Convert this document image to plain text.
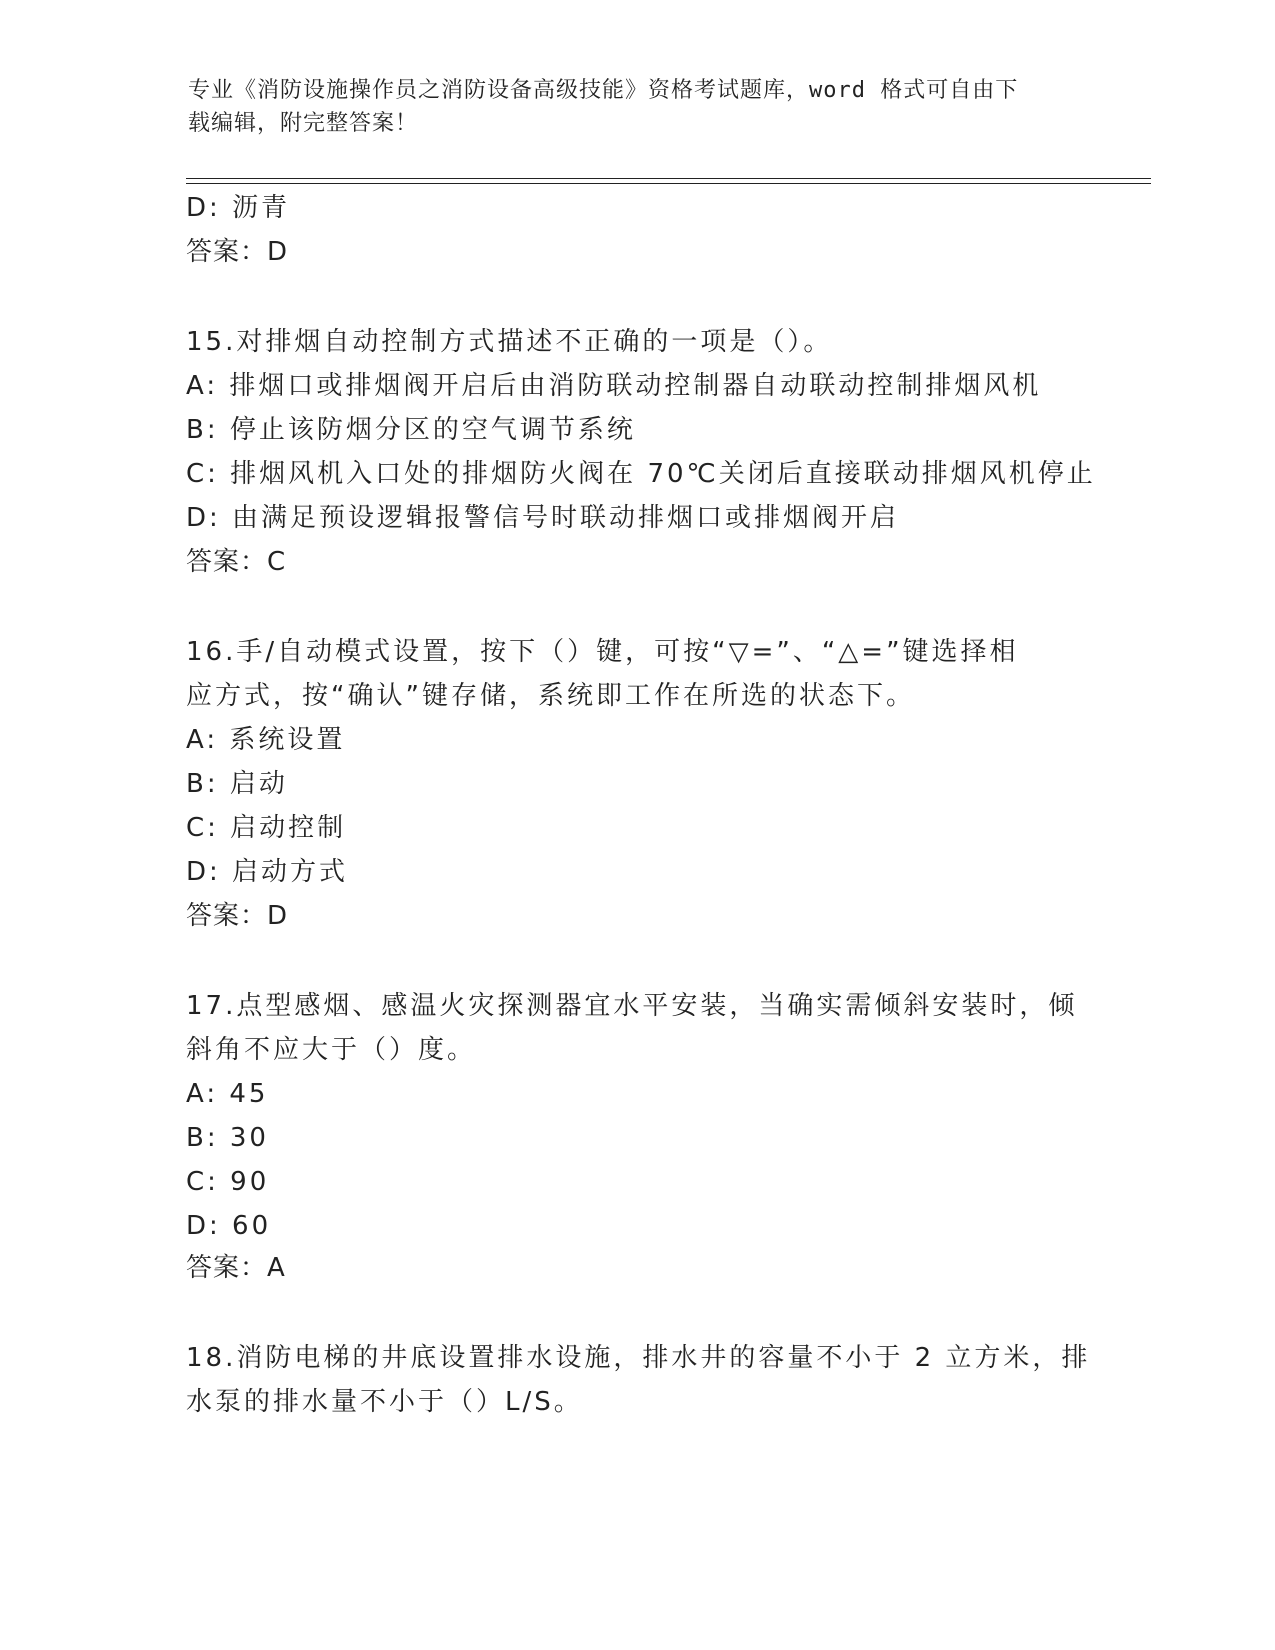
专业《消防设施操作员之消防设备高级技能》资格考试题库，word 格式可自由下
载编辑，附完整答案！
D: 沥青
答案：D
15.对排烟自动控制方式描述不正确的一项是（）。
A: 排烟口或排烟阀开启后由消防联动控制器自动联动控制排烟风机
B: 停止该防烟分区的空气调节系统
C: 排烟风机入口处的排烟防火阀在 70℃关闭后直接联动排烟风机停止
D: 由满足预设逻辑报警信号时联动排烟口或排烟阀开启
答案：C
16.手/自动模式设置，按下（）键，可按“▽=”、“△=”键选择相
应方式，按“确认”键存储，系统即工作在所选的状态下。
A: 系统设置
B: 启动
C: 启动控制
D: 启动方式
答案：D
17.点型感烟、感温火灾探测器宜水平安装，当确实需倾斜安装时，倾
斜角不应大于（）度。
A: 45
B: 30
C: 90
D: 60
答案：A
18.消防电梯的井底设置排水设施，排水井的容量不小于 2 立方米，排
水泵的排水量不小于（）L/S。
